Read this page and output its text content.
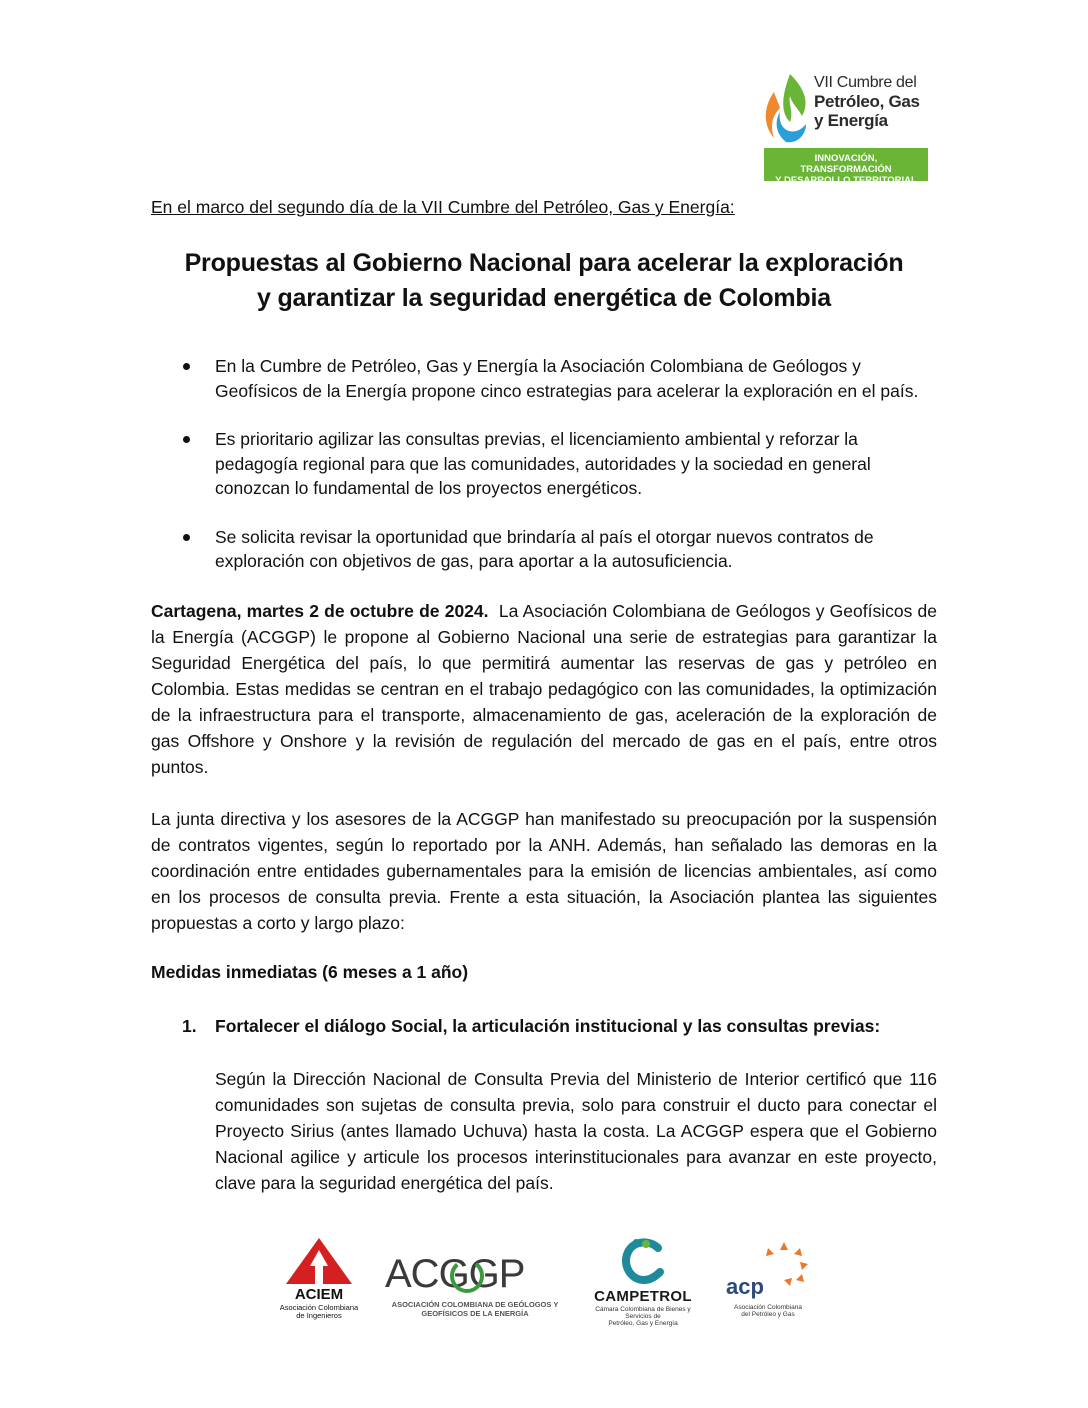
VII Cumbre del
Petróleo, Gas
y Energía
INNOVACIÓN, TRANSFORMACIÓN
Y DESARROLLO TERRITORIAL
En el marco del segundo día de la VII Cumbre del Petróleo, Gas y Energía:
Propuestas al Gobierno Nacional para acelerar la exploración
y garantizar la seguridad energética de Colombia
En la Cumbre de Petróleo, Gas y Energía la Asociación Colombiana de Geólogos y Geofísicos de la Energía propone cinco estrategias para acelerar la exploración en el país.
Es prioritario agilizar las consultas previas, el licenciamiento ambiental y reforzar la pedagogía regional para que las comunidades, autoridades y la sociedad en general conozcan lo fundamental de los proyectos energéticos.
Se solicita revisar la oportunidad que brindaría al país el otorgar nuevos contratos de exploración con objetivos de gas, para aportar a la autosuficiencia.

Cartagena, martes 2 de octubre de 2024. La Asociación Colombiana de Geólogos y Geofísicos de la Energía (ACGGP) le propone al Gobierno Nacional una serie de estrategias para garantizar la Seguridad Energética del país, lo que permitirá aumentar las reservas de gas y petróleo en Colombia. Estas medidas se centran en el trabajo pedagógico con las comunidades, la optimización de la infraestructura para el transporte, almacenamiento de gas, aceleración de la exploración de gas Offshore y Onshore y la revisión de regulación del mercado de gas en el país, entre otros puntos.

La junta directiva y los asesores de la ACGGP han manifestado su preocupación por la suspensión de contratos vigentes, según lo reportado por la ANH. Además, han señalado las demoras en la coordinación entre entidades gubernamentales para la emisión de licencias ambientales, así como en los procesos de consulta previa. Frente a esta situación, la Asociación plantea las siguientes propuestas a corto y largo plazo:

Medidas inmediatas (6 meses a 1 año)
1. Fortalecer el diálogo Social, la articulación institucional y las consultas previas:

Según la Dirección Nacional de Consulta Previa del Ministerio de Interior certificó que 116 comunidades son sujetas de consulta previa, solo para construir el ducto para conectar el Proyecto Sirius (antes llamado Uchuva) hasta la costa. La ACGGP espera que el Gobierno Nacional agilice y articule los procesos interinstitucionales para avanzar en este proyecto, clave para la seguridad energética del país.

ACIEM
Asociación Colombiana
de Ingenieros
ACGGP
ASOCIACIÓN COLOMBIANA DE GEÓLOGOS Y
GEOFÍSICOS DE LA ENERGÍA
CAMPETROL
Cámara Colombiana de Bienes y Servicios de
Petróleo, Gas y Energía
acp
Asociación Colombiana
del Petróleo y Gas
